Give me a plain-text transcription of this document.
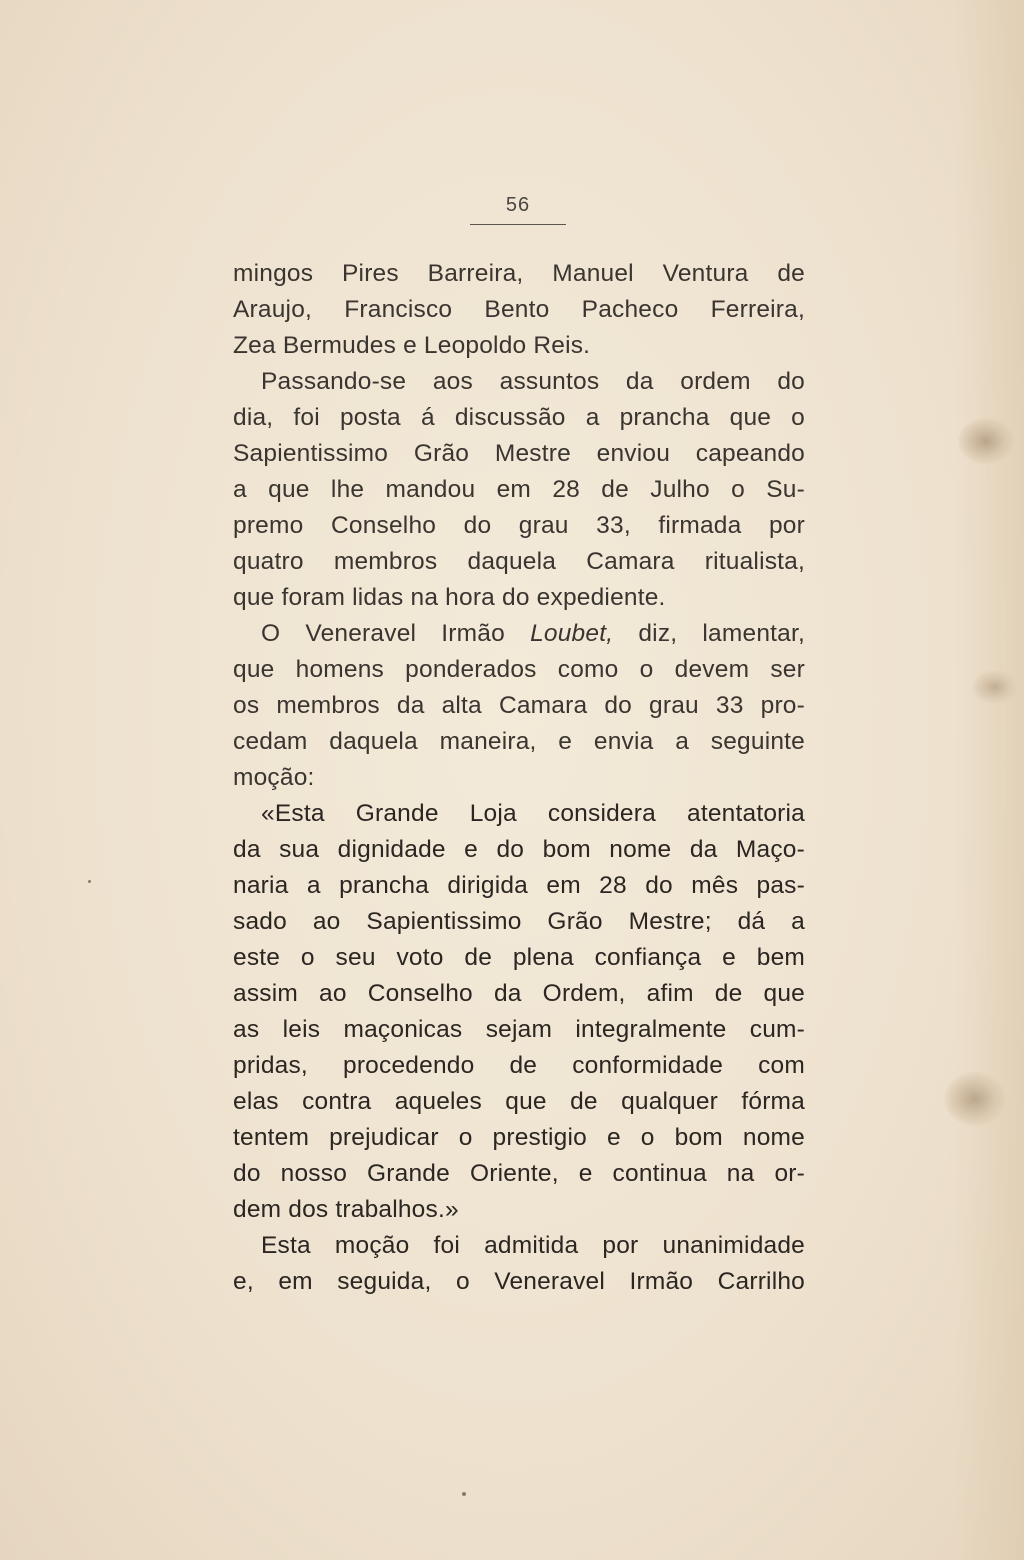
56
mingos Pires Barreira, Manuel Ventura de
Araujo, Francisco Bento Pacheco Ferreira,
Zea Bermudes e Leopoldo Reis.
Passando-se aos assuntos da ordem do
dia, foi posta á discussão a prancha que o
Sapientissimo Grão Mestre enviou capeando
a que lhe mandou em 28 de Julho o Su-
premo Conselho do grau 33, firmada por
quatro membros daquela Camara ritualista,
que foram lidas na hora do expediente.
O Veneravel Irmão Loubet, diz, lamentar,
que homens ponderados como o devem ser
os membros da alta Camara do grau 33 pro-
cedam daquela maneira, e envia a seguinte
moção:
«Esta Grande Loja considera atentatoria
da sua dignidade e do bom nome da Maço-
naria a prancha dirigida em 28 do mês pas-
sado ao Sapientissimo Grão Mestre; dá a
este o seu voto de plena confiança e bem
assim ao Conselho da Ordem, afim de que
as leis maçonicas sejam integralmente cum-
pridas, procedendo de conformidade com
elas contra aqueles que de qualquer fórma
tentem prejudicar o prestigio e o bom nome
do nosso Grande Oriente, e continua na or-
dem dos trabalhos.»
Esta moção foi admitida por unanimidade
e, em seguida, o Veneravel Irmão Carrilho
